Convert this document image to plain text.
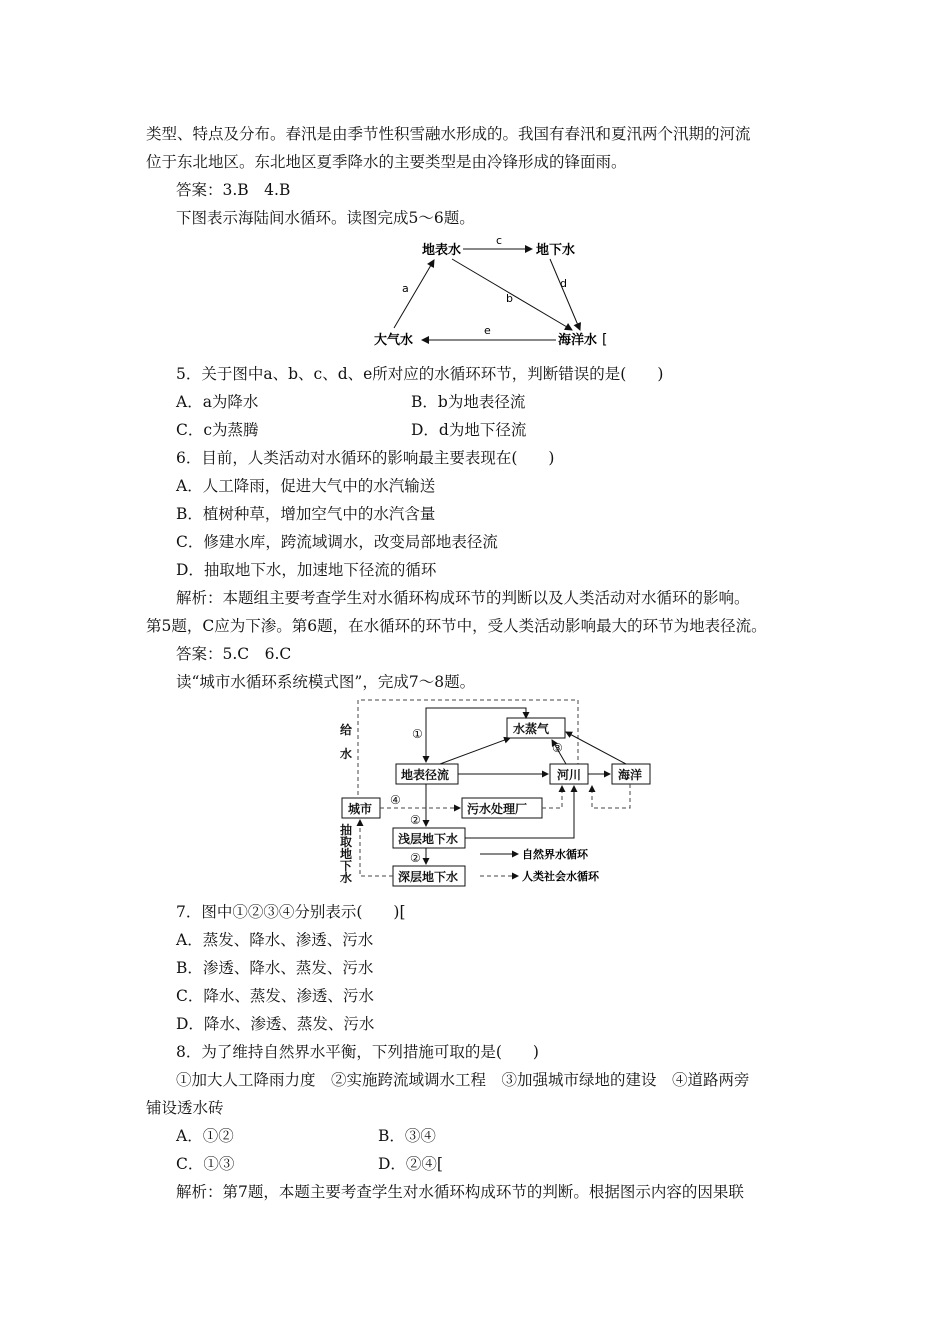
类型、特点及分布。春汛是由季节性积雪融水形成的。我国有春汛和夏汛两个汛期的河流
位于东北地区。东北地区夏季降水的主要类型是由冷锋形成的锋面雨。
答案：3.B　4.B
下图表示海陆间水循环。读图完成5～6题。
地表水	地下水
大气水	海洋水 [
c
a
b
d
e
5．关于图中a、b、c、d、e所对应的水循环环节，判断错误的是(　　)
A．a为降水	B．b为地表径流
C．c为蒸腾	D．d为地下径流
6．目前，人类活动对水循环的影响最主要表现在(　　)
A．人工降雨，促进大气中的水汽输送
B．植树种草，增加空气中的水汽含量
C．修建水库，跨流域调水，改变局部地表径流
D．抽取地下水，加速地下径流的循环
解析：本题组主要考查学生对水循环构成环节的判断以及人类活动对水循环的影响。
第5题，C应为下渗。第6题，在水循环的环节中，受人类活动影响最大的环节为地表径流。
答案：5.C　6.C
读“城市水循环系统模式图”，完成7～8题。
给
水
水蒸气
地表径流	河川	海洋
城市	污水处理厂
浅层地下水
深层地下水
抽
取
地
下
水
①
③
④
②
②	自然界水循环
人类社会水循环
7．图中①②③④分别表示(　　)[
A．蒸发、降水、渗透、污水
B．渗透、降水、蒸发、污水
C．降水、蒸发、渗透、污水
D．降水、渗透、蒸发、污水
8．为了维持自然界水平衡，下列措施可取的是(　　)
①加大人工降雨力度　②实施跨流域调水工程　③加强城市绿地的建设　④道路两旁
铺设透水砖
A．①②	B．③④
C．①③	D．②④[
解析：第7题，本题主要考查学生对水循环构成环节的判断。根据图示内容的因果联
